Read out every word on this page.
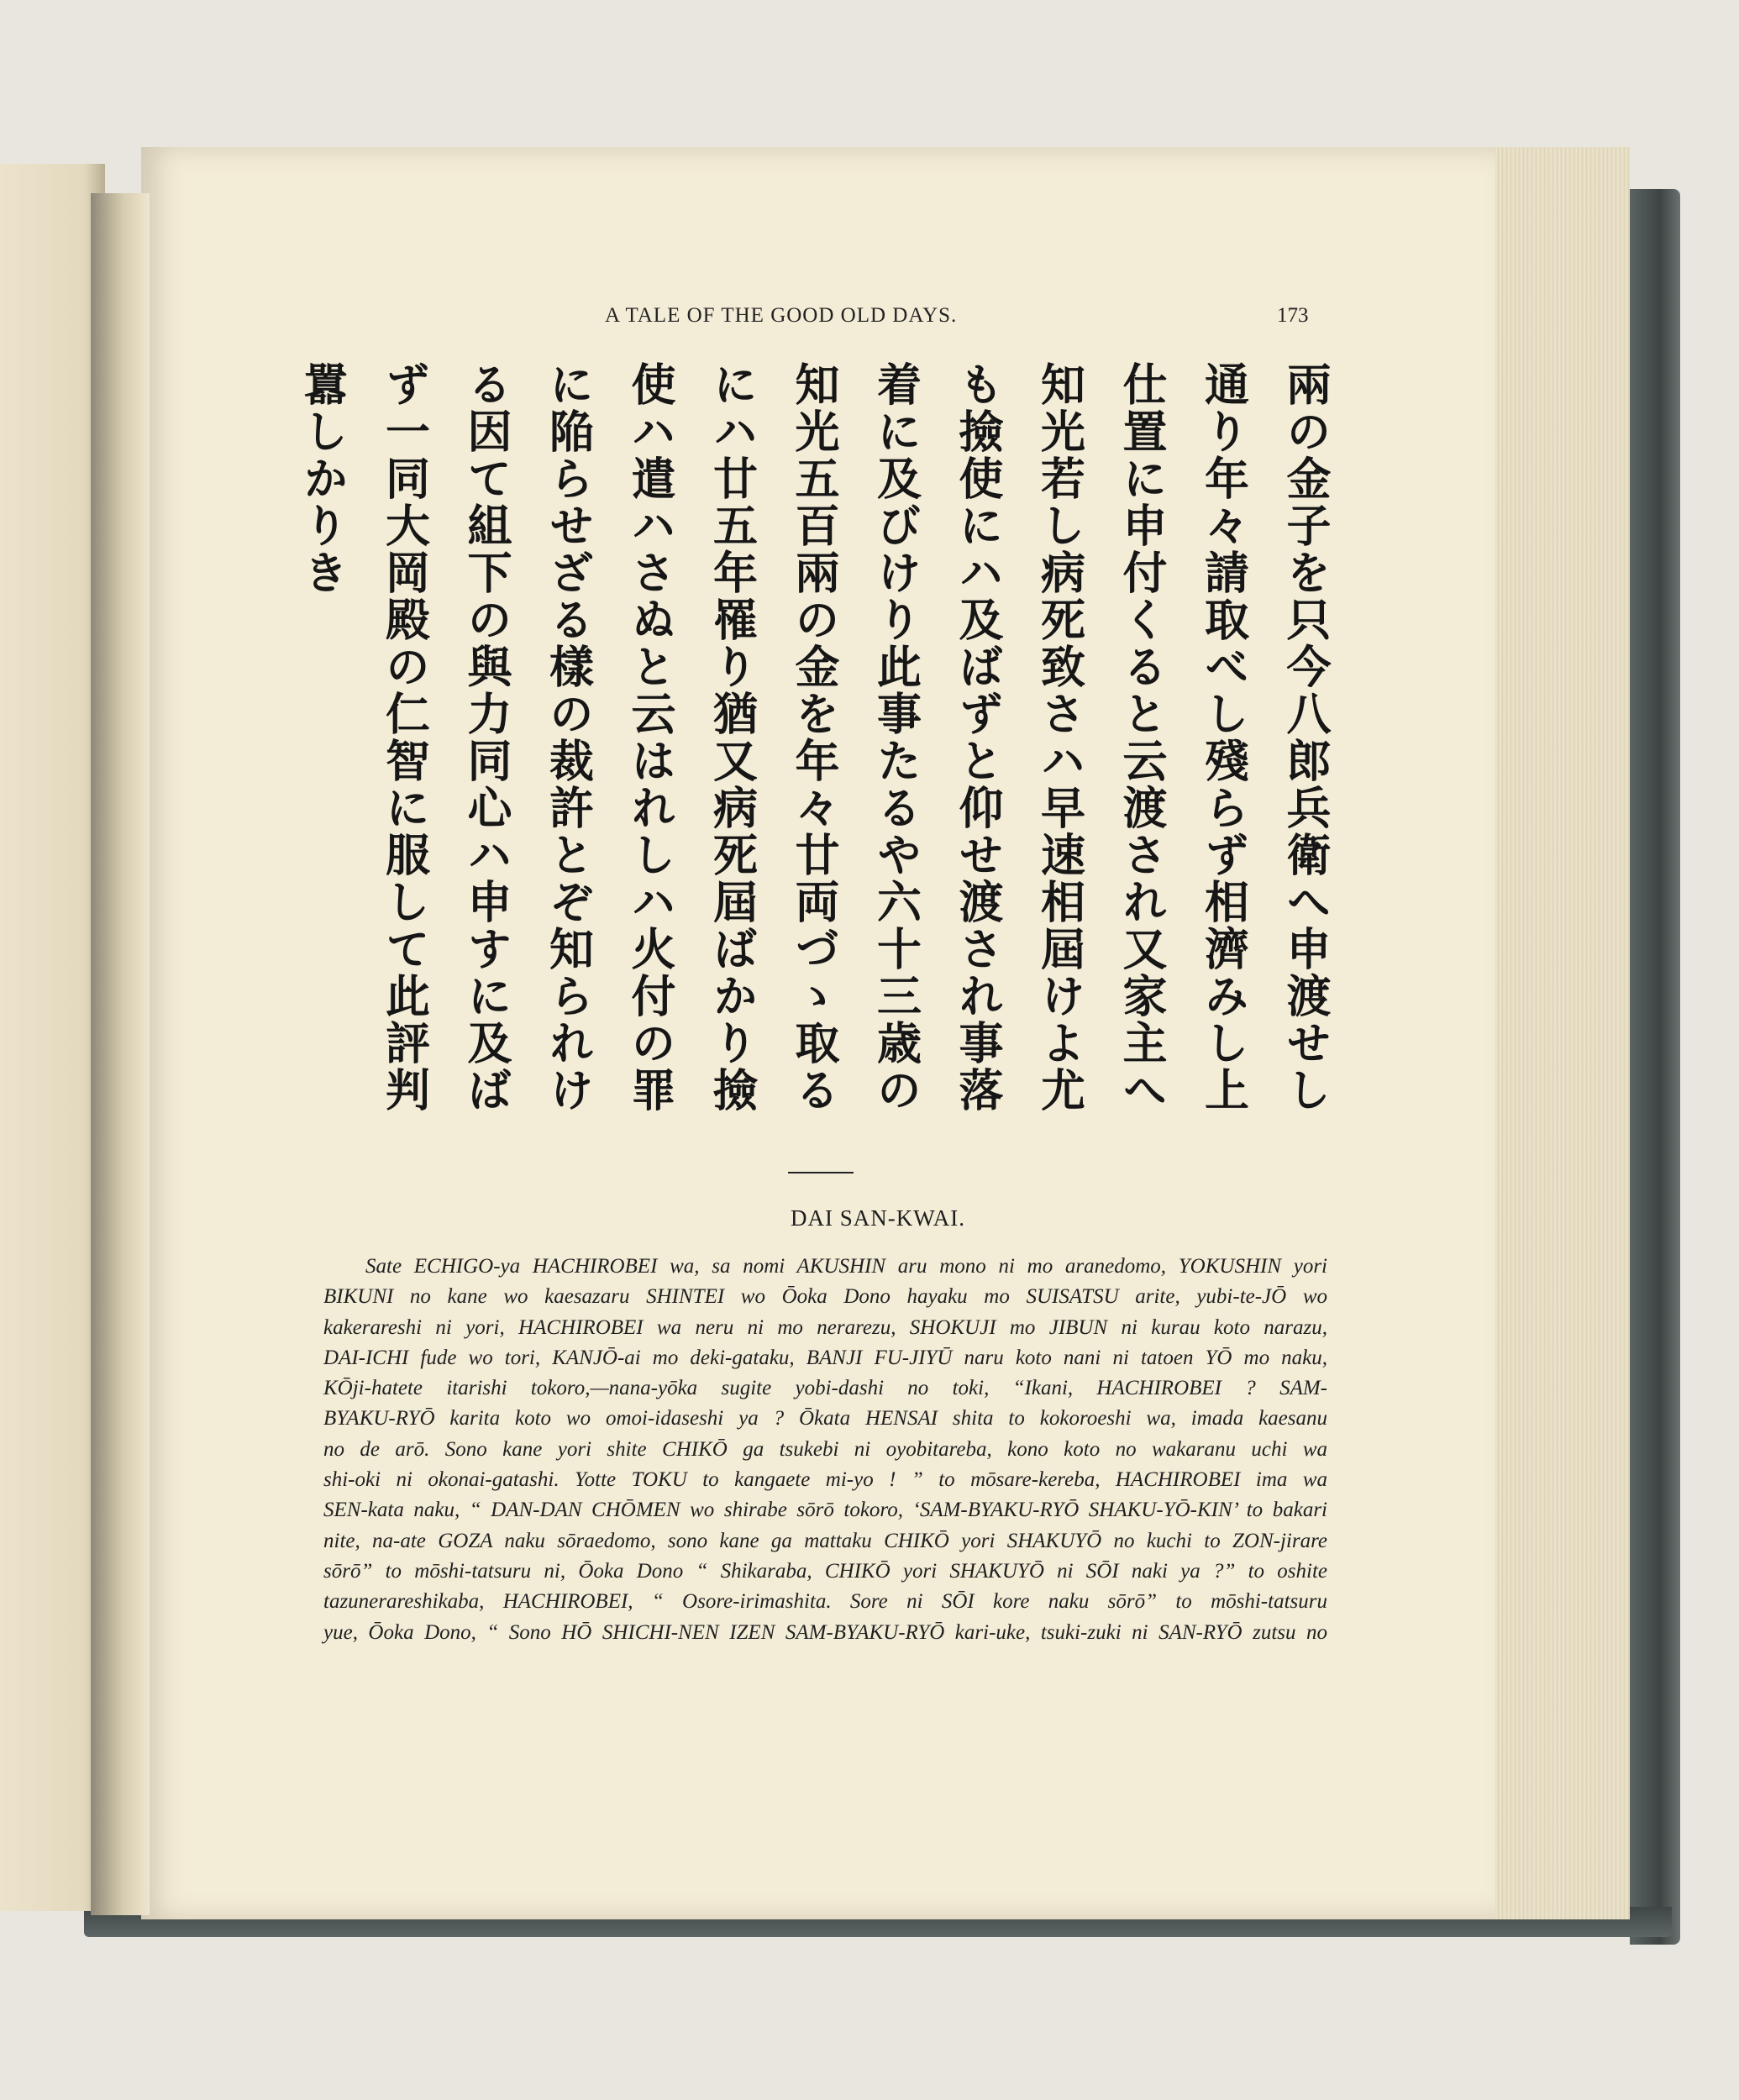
A TALE OF THE GOOD OLD DAYS.	173
兩の金子を只今八郎兵衛へ申渡せし
通り年々請取べし殘らず相濟みし上
仕置に申付くると云渡され又家主へ
知光若し病死致さハ早速相屆けよ尤
も撿使にハ及ばずと仰せ渡され事落
着に及びけり此事たるや六十三歳の
知光五百兩の金を年々廿両づゝ取る
にハ廿五年罹り猶又病死屆ばかり撿
使ハ遣ハさぬと云はれしハ火付の罪
に陥らせざる樣の裁許とぞ知られけ
る因て組下の與力同心ハ申すに及ば
ず一同大岡殿の仁智に服して此評判
囂しかりき
DAI SAN-KWAI.
Sate ECHIGO-ya HACHIROBEI wa, sa nomi AKUSHIN aru mono ni mo aranedomo, YOKUSHIN yori
BIKUNI no kane wo kaesazaru SHINTEI wo Ōoka Dono hayaku mo SUISATSU arite, yubi-te-JŌ wo
kakerareshi ni yori, HACHIROBEI wa neru ni mo nerarezu, SHOKUJI mo JIBUN ni kurau koto narazu,
DAI-ICHI fude wo tori, KANJŌ-ai mo deki-gataku, BANJI FU-JIYŪ naru koto nani ni tatoen YŌ mo naku,
KŌji-hatete itarishi tokoro,—nana-yōka sugite yobi-dashi no toki, “Ikani, HACHIROBEI ? SAM-
BYAKU-RYŌ karita koto wo omoi-idaseshi ya ? Ōkata HENSAI shita to kokoroeshi wa, imada kaesanu
no de arō. Sono kane yori shite CHIKŌ ga tsukebi ni oyobitareba, kono koto no wakaranu uchi wa
shi-oki ni okonai-gatashi. Yotte TOKU to kangaete mi-yo ! ” to mōsare-kereba, HACHIROBEI ima wa
SEN-kata naku, “ DAN-DAN CHŌMEN wo shirabe sōrō tokoro, ‘SAM-BYAKU-RYŌ SHAKU-YŌ-KIN’ to bakari
nite, na-ate GOZA naku sōraedomo, sono kane ga mattaku CHIKŌ yori SHAKUYŌ no kuchi to ZON-jirare
sōrō” to mōshi-tatsuru ni, Ōoka Dono “ Shikaraba, CHIKŌ yori SHAKUYŌ ni SŌI naki ya ?” to oshite
tazunerareshikaba, HACHIROBEI, “ Osore-irimashita. Sore ni SŌI kore naku sōrō” to mōshi-tatsuru
yue, Ōoka Dono, “ Sono HŌ SHICHI-NEN IZEN SAM-BYAKU-RYŌ kari-uke, tsuki-zuki ni SAN-RYŌ zutsu no
